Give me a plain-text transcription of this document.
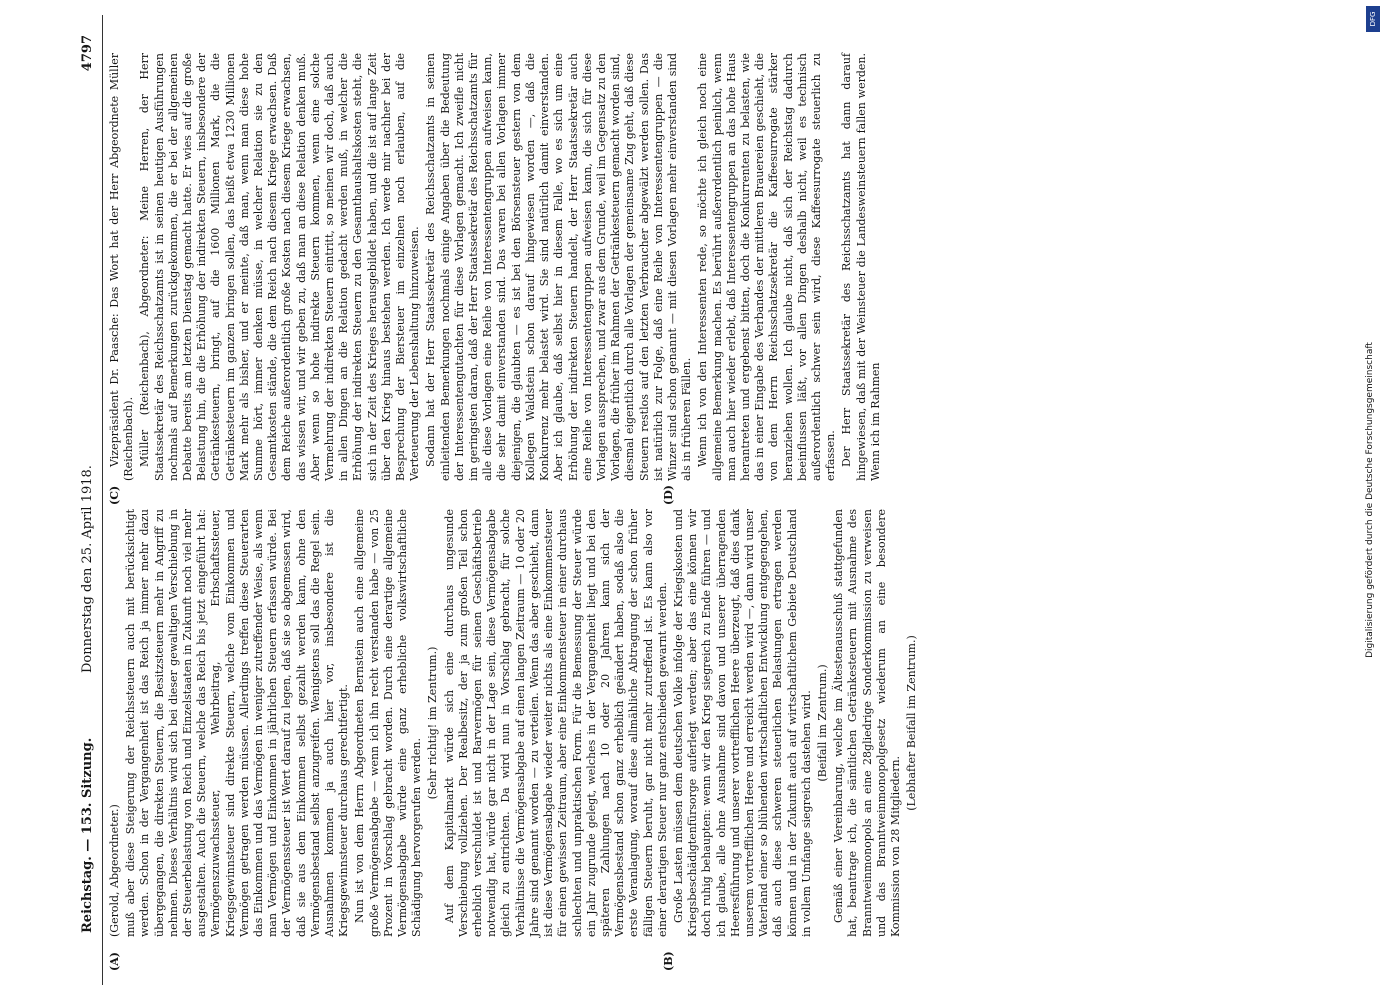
Reichstag. — 153. Sitzung.
Donnerstag den 25. April 1918.
4797
(A)	(B)
(C)	(D)

(Gerold, Abgeordneter.) muß aber diese Steigerung der Reichssteuern auch mit berücksichtigt werden. Schon in der Vergangenheit ist das Reich ja immer mehr dazu übergegangen, die direkten Steuern, die Besitzsteuern mehr in Angriff zu nehmen. Dieses Verhältnis wird sich bei dieser gewaltigen Verschiebung in der Steuerbelastung von Reich und Einzelstaaten in Zukunft noch viel mehr ausgestalten. Auch die Steuern, welche das Reich bis jetzt eingeführt hat: Vermögenszuwachssteuer, Wehrbeitrag, Erbschaftssteuer, Kriegsgewinnsteuer sind direkte Steuern, welche vom Einkommen und Vermögen getragen werden müssen. Allerdings treffen diese Steuerarten das Einkommen und das Vermögen in weniger zutreffender Weise, als wenn man Vermögen und Einkommen in jährlichen Steuern erfassen würde. Bei der Vermögenssteuer ist Wert darauf zu legen, daß sie so abgemessen wird, daß sie aus dem Einkommen selbst gezahlt werden kann, ohne den Vermögensbestand selbst anzugreifen. Wenigstens soll das die Regel sein. Ausnahmen kommen ja auch hier vor, insbesondere ist die Kriegsgewinnsteuer durchaus gerechtfertigt. Nun ist von dem Herrn Abgeordneten Bernstein auch eine allgemeine große Vermögensabgabe — wenn ich ihn recht verstanden habe — von 25 Prozent in Vorschlag gebracht worden. Durch eine derartige allgemeine Vermögensabgabe würde eine ganz erhebliche volkswirtschaftliche Schädigung hervorgerufen werden.

(Sehr richtig! im Zentrum.) Auf dem Kapitalmarkt würde sich eine durchaus ungesunde Verschiebung vollziehen. Der Realbesitz, der ja zum großen Teil schon erheblich verschuldet ist und Barvermögen für seinen Geschäftsbetrieb notwendig hat, würde gar nicht in der Lage sein, diese Vermögensabgabe gleich zu entrichten. Da wird nun in Vorschlag gebracht, für solche Verhältnisse die Vermögensabgabe auf einen langen Zeitraum — 10 oder 20 Jahre sind genannt worden — zu verteilen. Wenn das aber geschieht, dann ist diese Vermögensabgabe wieder weiter nichts als eine Einkommensteuer für einen gewissen Zeitraum, aber eine Einkommensteuer in einer durchaus schlechten und unpraktischen Form. Für die Bemessung der Steuer würde ein Jahr zugrunde gelegt, welches in der Vergangenheit liegt und bei den späteren Zahlungen nach 10 oder 20 Jahren kann sich der Vermögensbestand schon ganz erheblich geändert haben, sodaß also die erste Veranlagung, worauf diese allmähliche Abtragung der schon früher fälligen Steuern beruht, gar nicht mehr zutreffend ist. Es kann also vor einer derartigen Steuer nur ganz entschieden gewarnt werden. Große Lasten müssen dem deutschen Volke infolge der Kriegskosten und Kriegsbeschädigtenfürsorge auferlegt werden; aber das eine können wir doch ruhig behaupten: wenn wir den Krieg siegreich zu Ende führen — und ich glaube, alle ohne Ausnahme sind davon und unserer überragenden Heeresführung und unserer vortrefflichen Heere überzeugt, daß dies dank unserem vortrefflichen Heere und erreicht werden wird —, dann wird unser Vaterland einer so blühenden wirtschaftlichen Entwicklung entgegengehen, daß auch diese schweren steuerlichen Belastungen ertragen werden können und in der Zukunft auch auf wirtschaftlichem Gebiete Deutschland in vollem Umfange siegreich dastehen wird. (Beifall im Zentrum.) Gemäß einer Vereinbarung, welche im Ältestenausschuß stattgefunden hat, beantrage ich, die sämtlichen Getränkesteuern mit Ausnahme des Branntweinmonopols an eine 28gliedrige Sonderkommission zu verweisen und das Branntweinmonopolgesetz wiederum an eine besondere Kommission von 28 Mitgliedern.

(Lebhafter Beifall im Zentrum.)

Vizepräsident Dr. Paasche: Das Wort hat der Herr Abgeordnete Müller (Reichenbach). Müller (Reichenbach), Abgeordneter: Meine Herren, der Herr Staatssekretär des Reichsschatzamts ist in seinen heutigen Ausführungen nochmals auf Bemerkungen zurückgekommen, die er bei der allgemeinen Debatte bereits am letzten Dienstag gemacht hatte. Er wies auf die große Belastung hin, die die Erhöhung der indirekten Steuern, insbesondere der Getränkesteuern, bringt, auf die 1600 Millionen Mark, die die Getränkesteuern im ganzen bringen sollen, das heißt etwa 1230 Millionen Mark mehr als bisher, und er meinte, daß man, wenn man diese hohe Summe hört, immer denken müsse, in welcher Relation sie zu den Gesamtkosten stände, die dem Reich nach diesem Kriege erwachsen. Daß dem Reiche außerordentlich große Kosten nach diesem Kriege erwachsen, das wissen wir, und wir geben zu, daß man an diese Relation denken muß. Aber wenn so hohe indirekte Steuern kommen, wenn eine solche Vermehrung der indirekten Steuern eintritt, so meinen wir doch, daß auch in allen Dingen an die Relation gedacht werden muß, in welcher die Erhöhung der indirekten Steuern zu den Gesamthaushaltskosten steht, die sich in der Zeit des Krieges herausgebildet haben, und die ist auf lange Zeit über den Krieg hinaus bestehen werden. Ich werde mir nachher bei der Besprechung der Biersteuer im einzelnen noch erlauben, auf die Verteuerung der Lebenshaltung hinzuweisen. Sodann hat der Herr Staatssekretär des Reichsschatzamts in seinen einleitenden Bemerkungen nochmals einige Angaben über die Bedeutung der Interessentengutachten für diese Vorlagen gemacht. Ich zweifle nicht im geringsten daran, daß der Herr Staatssekretär des Reichsschatzamts für alle diese Vorlagen eine Reihe von Interessentengruppen aufweisen kann, die sehr damit einverstanden sind. Das waren bei allen Vorlagen immer diejenigen, die glaubten — es ist bei den Börsensteuer gestern von dem Kollegen Waldstein schon darauf hingewiesen worden —, daß die Konkurrenz mehr belastet wird. Sie sind natürlich damit einverstanden. Aber ich glaube, daß selbst hier in diesem Falle, wo es sich um eine Erhöhung der indirekten Steuern handelt, der Herr Staatssekretär auch eine Reihe von Interessentengruppen aufweisen kann, die sich für diese Vorlagen aussprechen, und zwar aus dem Grunde, weil im Gegensatz zu den Vorlagen, die früher im Rahmen der Getränkesteuern gemacht worden sind, diesmal eigentlich durch alle Vorlagen der gemeinsame Zug geht, daß diese Steuern restlos auf den letzten Verbraucher abgewälzt werden sollen. Das ist natürlich zur Folge, daß eine Reihe von Interessentengruppen — die Winzer sind schon genannt — mit diesen Vorlagen mehr einverstanden sind als in früheren Fällen. Wenn ich von den Interessenten rede, so möchte ich gleich noch eine allgemeine Bemerkung machen. Es berührt außerordentlich peinlich, wenn man auch hier wieder erlebt, daß Interessentengruppen an das hohe Haus herantreten und ergebenst bitten, doch die Konkurrenten zu belasten, wie das in einer Eingabe des Verbandes der mittleren Brauereien geschieht, die von dem Herrn Reichsschatzsekretär die Kaffeesurrogate stärker heranziehen wollen. Ich glaube nicht, daß sich der Reichstag dadurch beeinflussen läßt, vor allen Dingen deshalb nicht, weil es technisch außerordentlich schwer sein wird, diese Kaffeesurrogate steuerlich zu erfassen. Der Herr Staatssekretär des Reichsschatzamts hat dann darauf hingewiesen, daß mit der Weinsteuer die Landesweinsteuern fallen werden. Wenn ich im Rahmen

DFG
Digitalisierung gefördert durch die Deutsche Forschungsgemeinschaft
